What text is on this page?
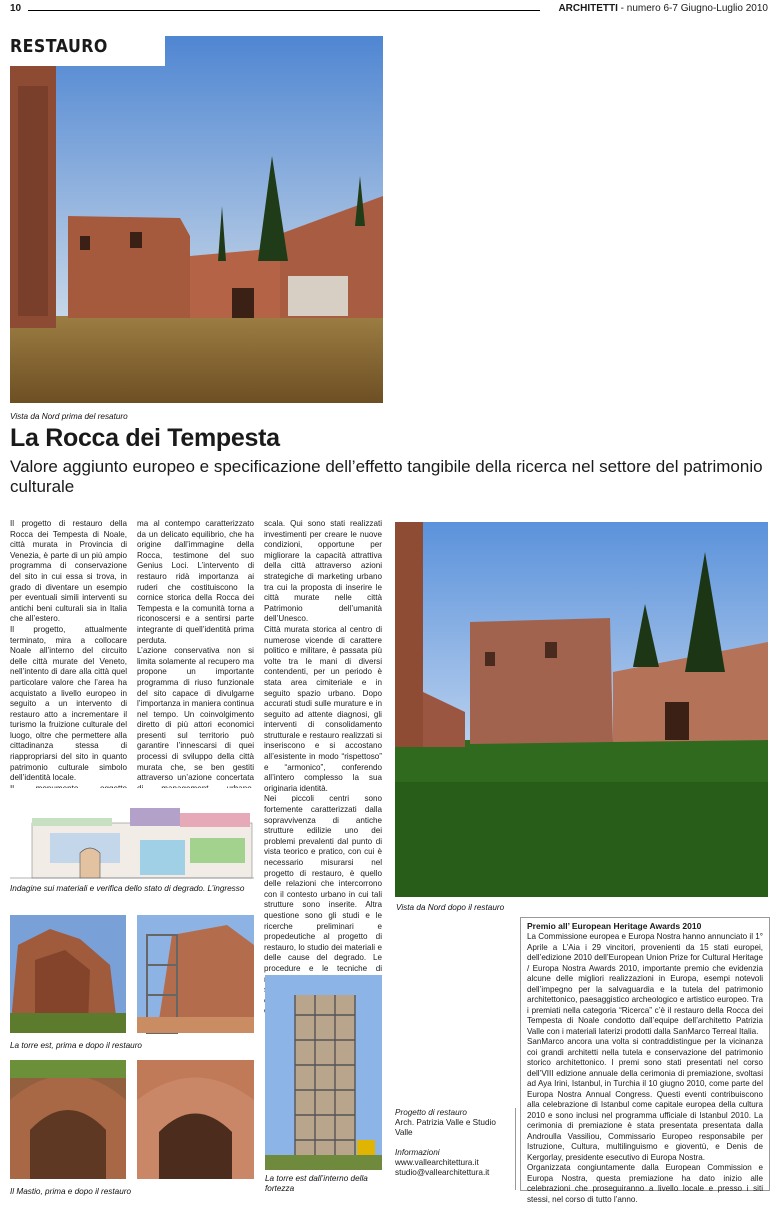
10	ARCHITETTI - numero 6-7 Giugno-Luglio 2010
RESTAURO
Vista da Nord prima del resaturo
La Rocca dei Tempesta
Valore aggiunto europeo e specificazione dell’effetto tangibile della ricerca nel settore del patrimonio culturale
Il progetto di restauro della Rocca dei Tempesta di Noale, città murata in Provincia di Venezia, è parte di un più ampio programma di conservazione del sito in cui essa si trova, in grado di diventare un esempio per eventuali simili interventi su antichi beni culturali sia in Italia che all’estero.
Il progetto, attualmente terminato, mira a collocare Noale all’interno del circuito delle città murate del Veneto, nell’intento di dare alla città quel particolare valore che l’area ha acquistato a livello europeo in seguito a un intervento di restauro atto a incrementare il turismo la fruizione culturale del luogo, oltre che permettere alla cittadinanza stessa di riappropriarsi del sito in quanto patrimonio culturale simbolo dell’identità locale.

ma al contempo caratterizzato da un delicato equilibrio, che ha origine dall’immagine della Rocca, testimone del suo Genius Loci. L’intervento di restauro ridà importanza ai ruderi che costituiscono la cornice storica della Rocca dei Tempesta e la comunità torna a riconoscersi e a sentirsi parte integrante di quell’identità prima perduta.
L’azione conservativa non si limita solamente al recupero ma propone un importante programma di riuso funzionale del sito capace di divulgarne l’importanza in maniera continua nel tempo. Un coinvolgimento diretto di più attori economici presenti sul territorio può garantire l’innescarsi di quei processi di sviluppo della città murata che, se ben gestiti attraverso un’azione concertata
scala. Qui sono stati realizzati investimenti per creare le nuove condizioni, opportune per migliorare la capacità attrattiva della città attraverso azioni strategiche di marketing urbano tra cui la proposta di inserire le città murate nelle città Patrimonio dell’umanità dell’Unesco.
Città murata storica al centro di numerose vicende di carattere politico e militare, è passata più volte tra le mani di diversi contendenti, per un periodo è stata area cimiteriale e in seguito spazio urbano. Dopo accurati studi sulle murature e in seguito ad attente diagnosi, gli interventi di consolidamento strutturale e restauro realizzati si inseriscono e si accostano all’esistente in modo “rispettoso” e “armonico”, conferendo all’intero complesso la sua originaria identità.
Nei piccoli centri sono fortemente caratterizzati dalla sopravvivenza di antiche strutture edilizie uno dei problemi prevalenti dal punto di vista teorico e pratico, con cui è necessario misurarsi nel progetto di restauro, è quello delle relazioni che intercorrono con il contesto urbano in cui tali strutture sono inserite. Altra questione sono gli studi e le ricerche preliminari e propedeutiche al progetto di restauro, lo studio dei materiali e delle cause del degrado. Le procedure e le tecniche di
Indagine sui materiali e verifica dello stato di degrado. L’ingresso
Vista da Nord dopo il restauro
La torre est, prima e dopo il restauro
Il Mastio, prima e dopo il restauro
La torre est dall’interno della fortezza
Progetto di restauro
Arch. Patrizia Valle e Studio Valle
Informazioni
www.vallearchitettura.it
studio@vallearchitettura.it
Premio all’ European Heritage Awards 2010
La Commissione europea e Europa Nostra hanno annunciato il 1° Aprile a L’Aia i 29 vincitori, provenienti da 15 stati europei, dell’edizione 2010 dell’European Union Prize for Cultural Heritage / Europa Nostra Awards 2010, importante premio che evidenzia alcune delle migliori realizzazioni in Europa, esempi notevoli dell’impegno per la salvaguardia e la tutela del patrimonio architettonico, paesaggistico archeologico e artistico europeo. Tra i premiati nella categoria “Ricerca” c’è il restauro della Rocca dei Tempesta di Noale condotto dall’equipe dell’architetto Patrizia Valle con i materiali laterizi prodotti dalla SanMarco Terreal Italia.
SanMarco ancora una volta si contraddistingue per la vicinanza coi grandi architetti nella tutela e conservazione del patrimonio storico architettonico. I premi sono stati presentati nel corso dell’VIII edizione annuale della cerimonia di premiazione, svoltasi ad Aya Irini, Istanbul, in Turchia il 10 giugno 2010, come parte del Europa Nostra Annual Congress. Questi eventi contribuiscono alla celebrazione di Istanbul come capitale europea della cultura 2010 e sono inclusi nel programma ufficiale di Istanbul 2010. La cerimonia di premiazione è stata presentata presentata dalla Androulla Vassiliou, Commissario Europeo responsabile per Istruzione, Cultura, multilinguismo e gioventù, e Denis de Kergorlay, presidente esecutivo di Europa Nostra.
Organizzata congiuntamente dalla European Commission e Europa Nostra, questa premiazione ha dato inizio alle celebrazioni che proseguiranno a livello locale e presso i siti stessi, nel corso di tutto l’anno.
